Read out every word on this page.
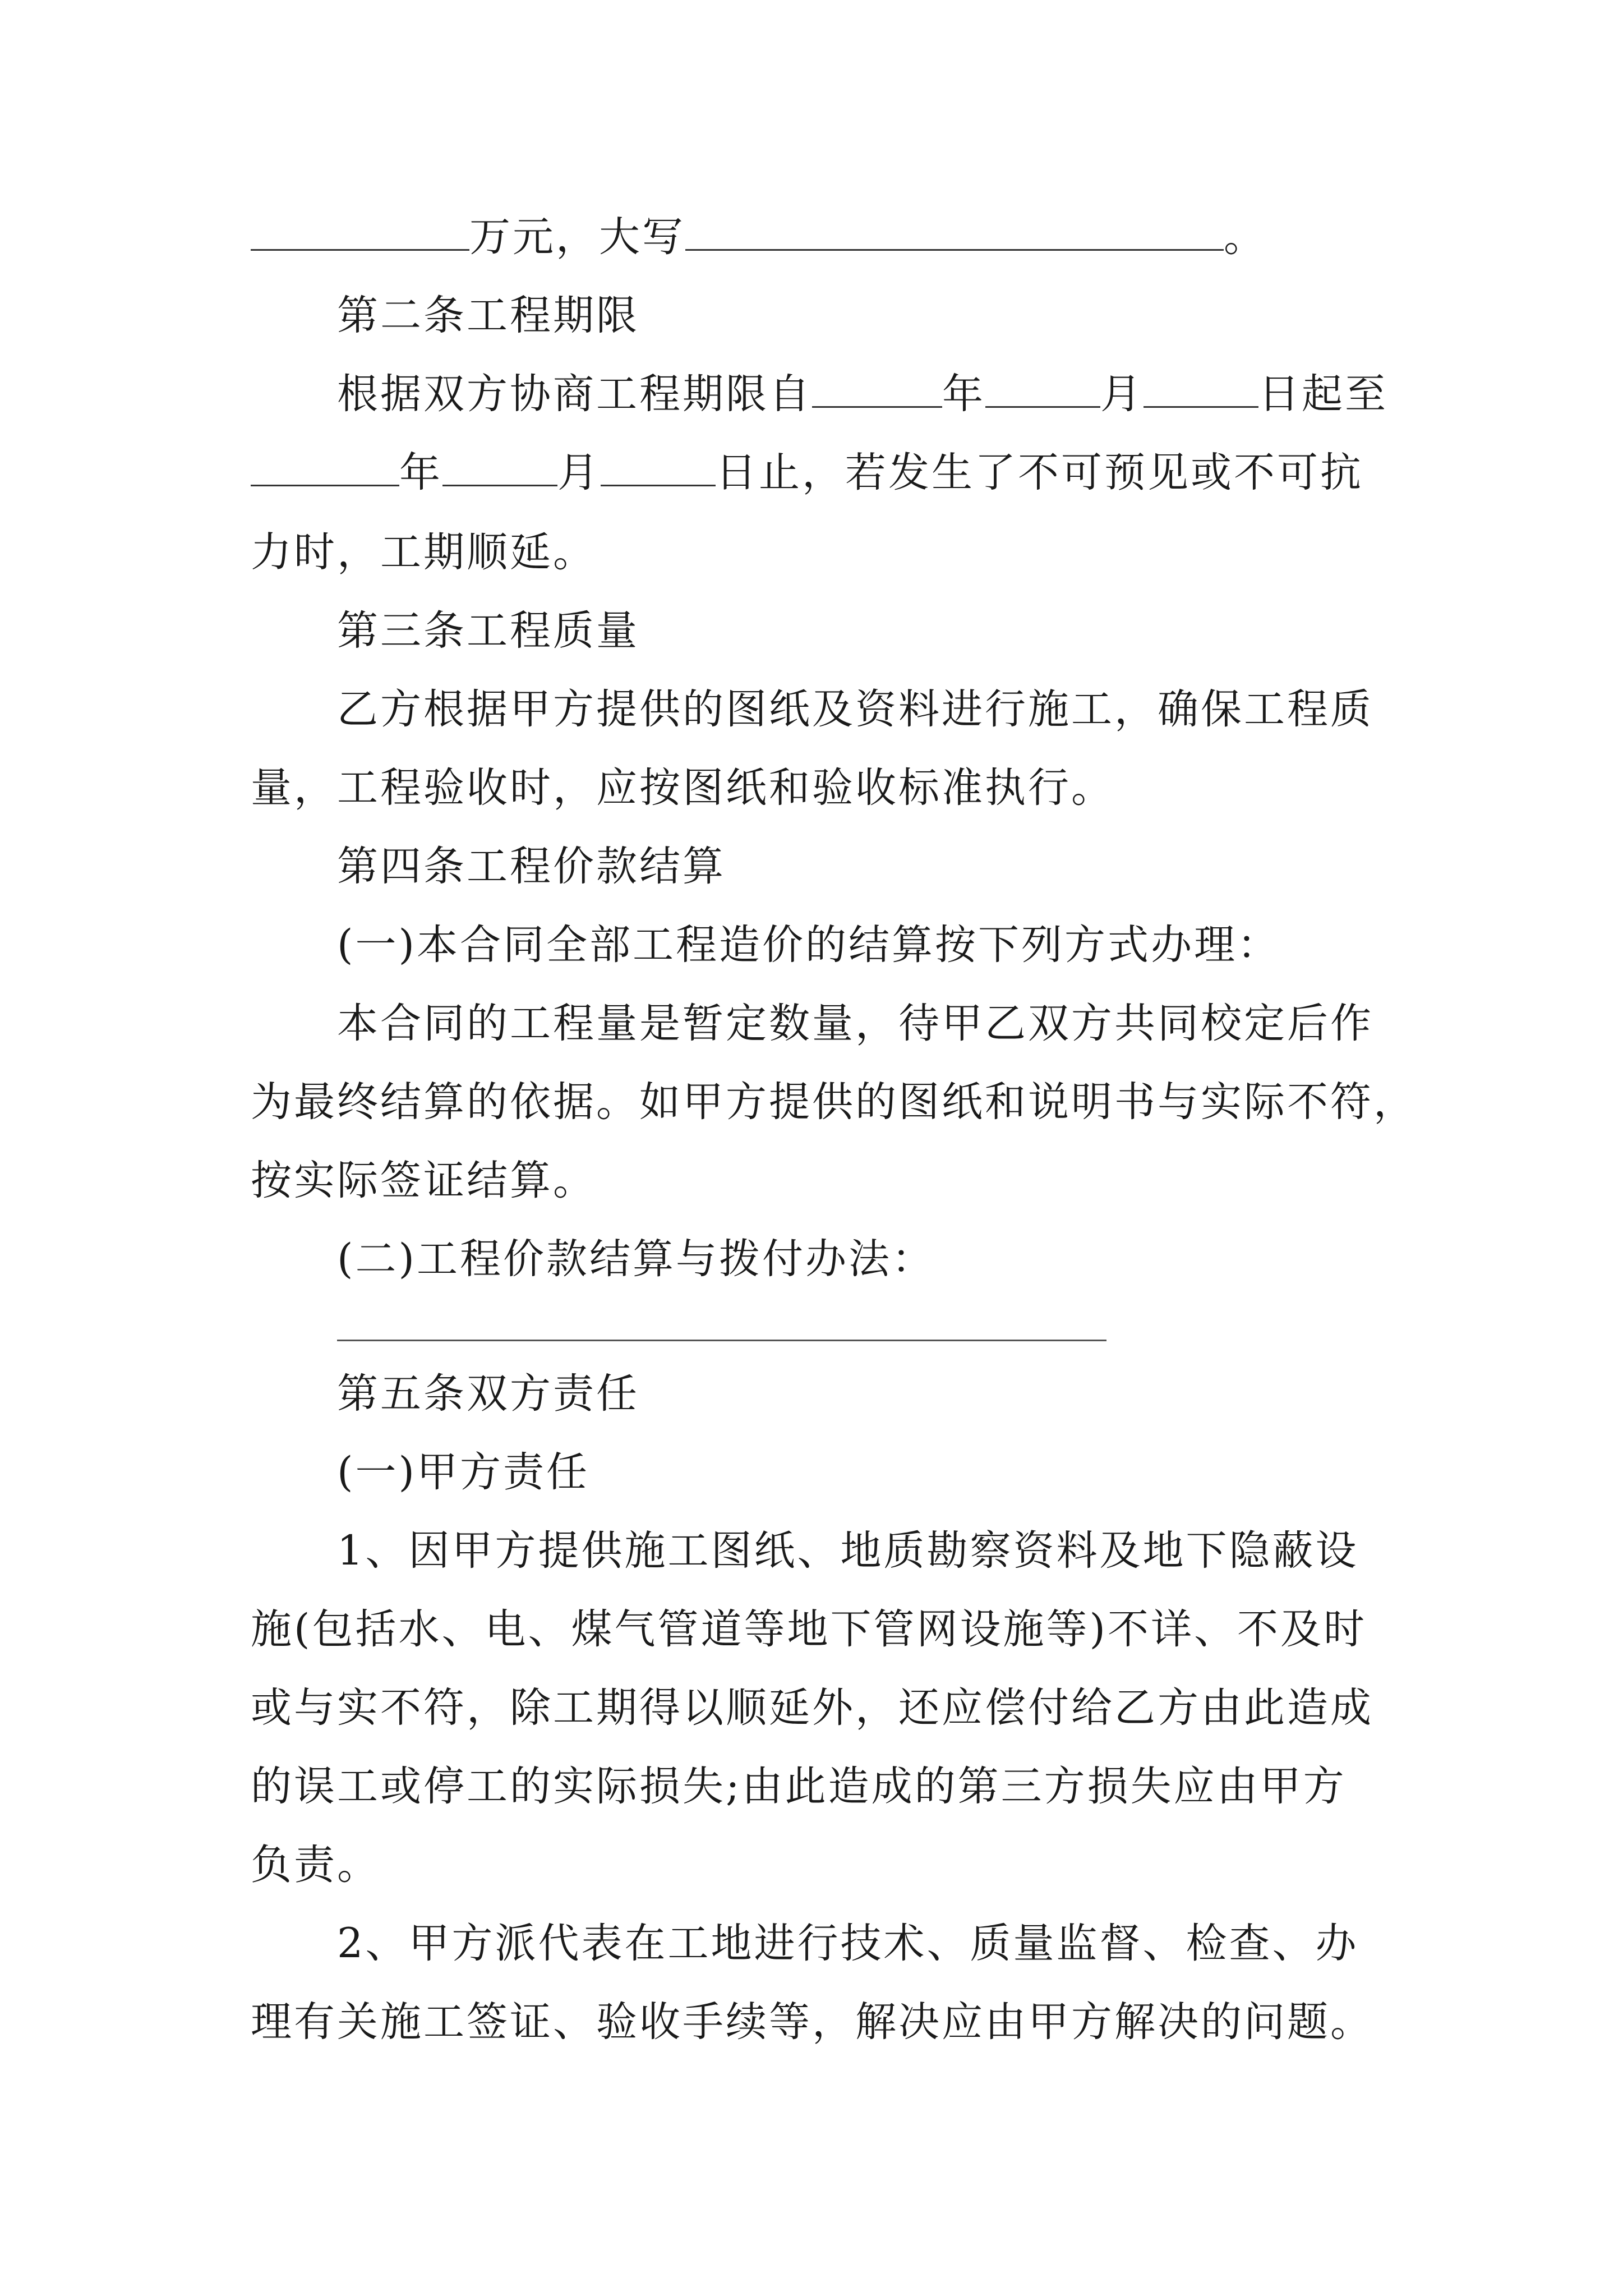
万元，大写	。
第二条工程期限
根据双方协商工程期限自	年	月	日起至
年	月	日止，若发生了不可预见或不可抗
力时，工期顺延。
第三条工程质量
乙方根据甲方提供的图纸及资料进行施工，确保工程质
量，工程验收时，应按图纸和验收标准执行。
第四条工程价款结算
(一)本合同全部工程造价的结算按下列方式办理：
本合同的工程量是暂定数量，待甲乙双方共同校定后作
为最终结算的依据。如甲方提供的图纸和说明书与实际不符，
按实际签证结算。
(二)工程价款结算与拨付办法：
第五条双方责任
(一)甲方责任
1、因甲方提供施工图纸、地质勘察资料及地下隐蔽设
施(包括水、电、煤气管道等地下管网设施等)不详、不及时
或与实不符，除工期得以顺延外，还应偿付给乙方由此造成
的误工或停工的实际损失;由此造成的第三方损失应由甲方
负责。
2、甲方派代表在工地进行技术、质量监督、检查、办
理有关施工签证、验收手续等，解决应由甲方解决的问题。
